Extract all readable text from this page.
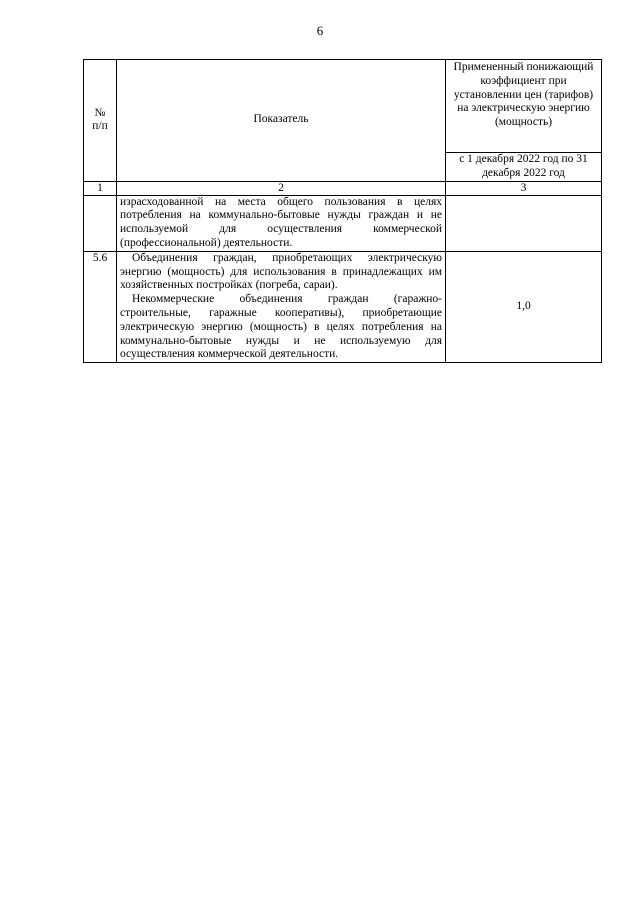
6
№
п/п	Показатель	Примененный понижающий коэффициент при установлении цен (тарифов) на электрическую энергию (мощность)
		с 1 декабря 2022 год по 31 декабря 2022 год
1	2	3

	израсходованной на места общего пользования в целях потребления на коммунально-бытовые нужды граждан и не используемой для осуществления коммерческой (профессиональной) деятельности.	

5.6	Объединения граждан, приобретающих электрическую энергию (мощность) для использования в принадлежащих им хозяйственных постройках (погреба, сараи).

Некоммерческие объединения граждан (гаражно-строительные, гаражные кооперативы), приобретающие электрическую энергию (мощность) в целях потребления на коммунально-бытовые нужды и не используемую для осуществления коммерческой деятельности.	1,0
